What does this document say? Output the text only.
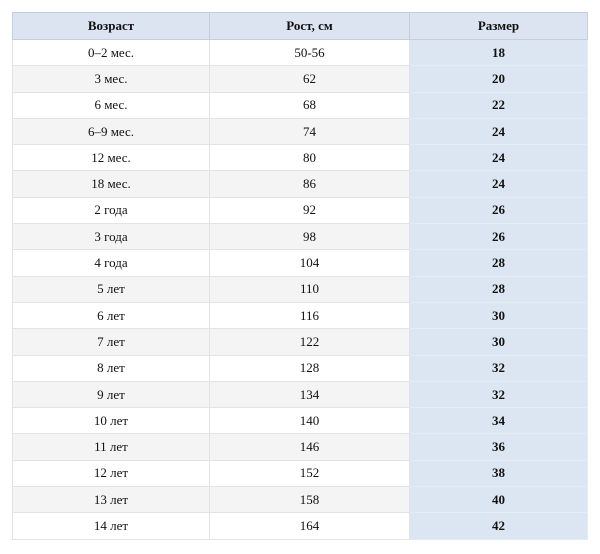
Возраст	Рост, см	Размер
0–2 мес.	50-56	18
3 мес.	62	20
6 мес.	68	22
6–9 мес.	74	24
12 мес.	80	24
18 мес.	86	24
2 года	92	26
3 года	98	26
4 года	104	28
5 лет	110	28
6 лет	116	30
7 лет	122	30
8 лет	128	32
9 лет	134	32
10 лет	140	34
11 лет	146	36
12 лет	152	38
13 лет	158	40
14 лет	164	42
